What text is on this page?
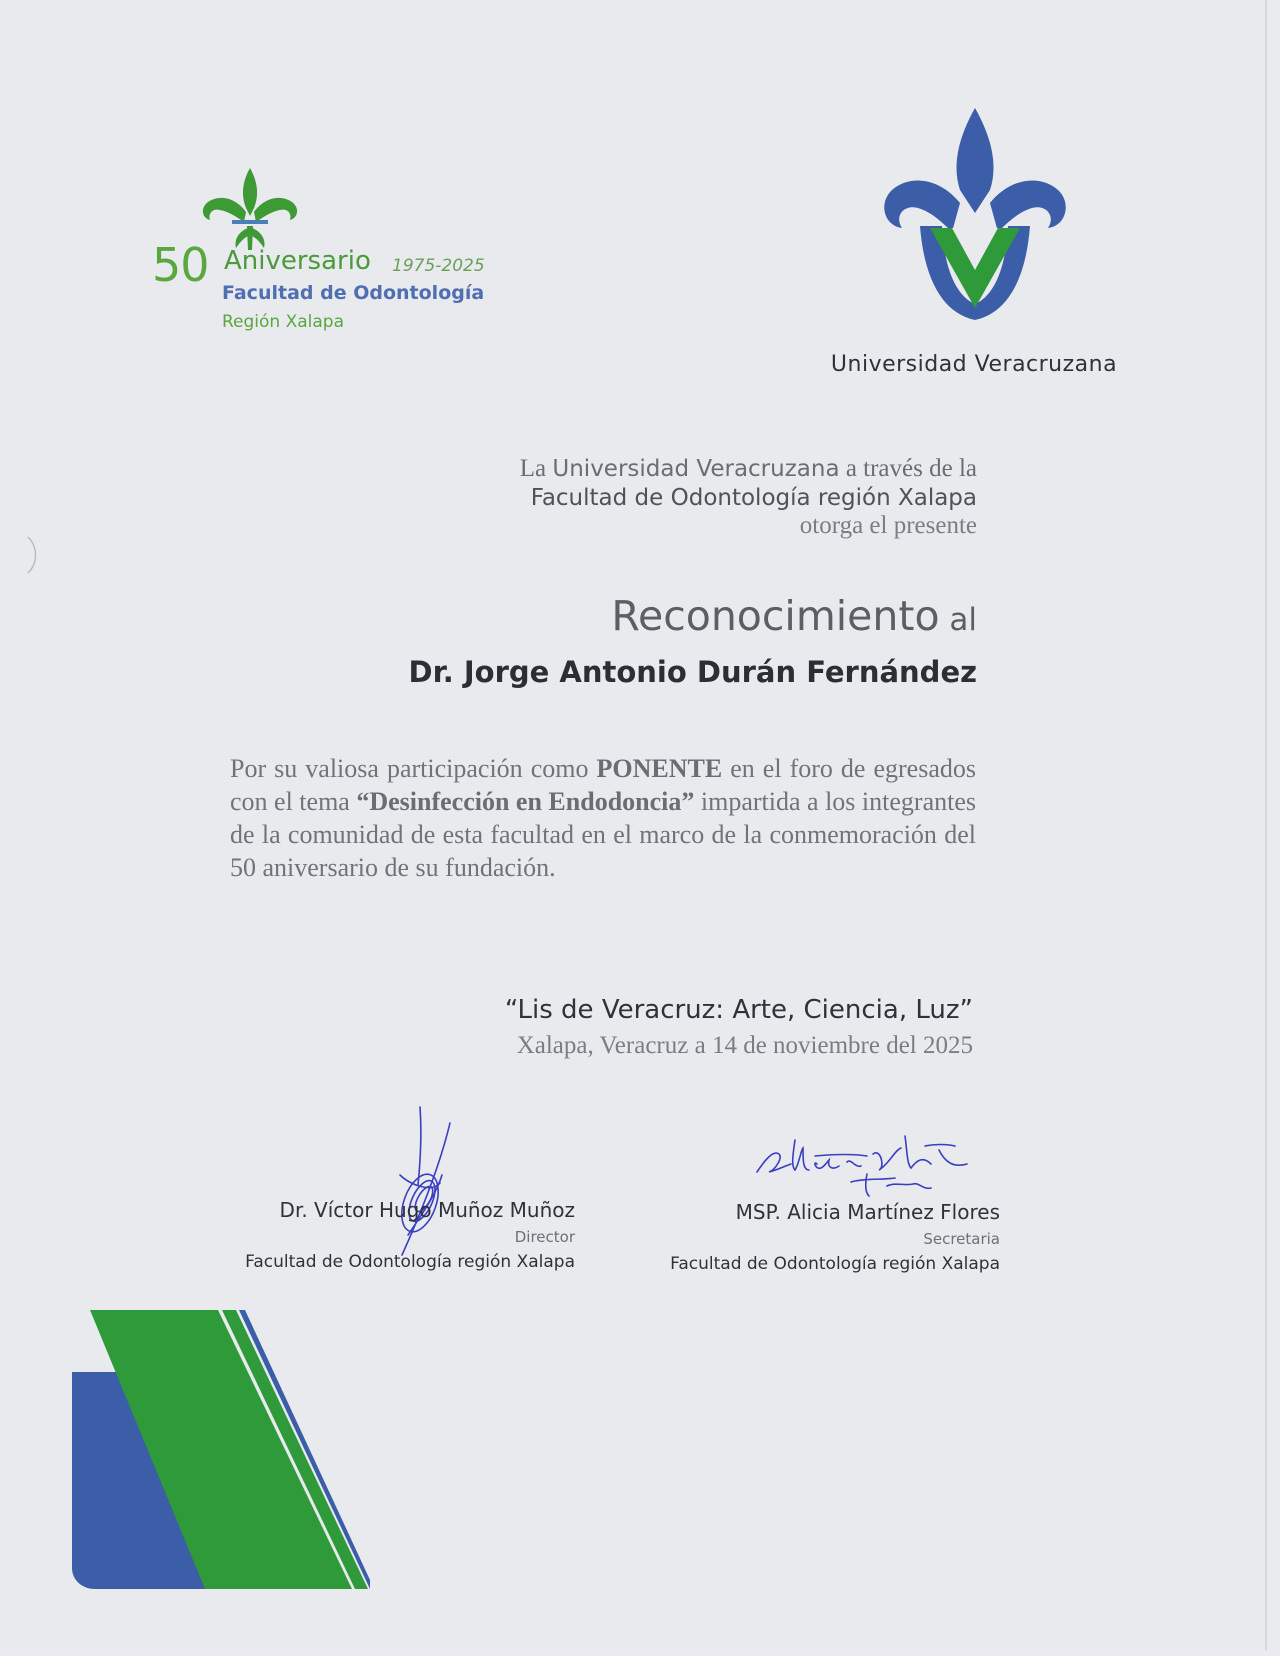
50 Aniversario 1975-2025
Facultad de Odontología
Región Xalapa
Universidad Veracruzana
La Universidad Veracruzana a través de la
Facultad de Odontología región Xalapa
otorga el presente
Reconocimiento al
Dr. Jorge Antonio Durán Fernández
Por su valiosa participación como PONENTE en el foro de egresados con el tema “Desinfección en Endodoncia” impartida a los integrantes de la comunidad de esta facultad en el marco de la conmemoración del 50 aniversario de su fundación.
“Lis de Veracruz: Arte, Ciencia, Luz”
Xalapa, Veracruz a 14 de noviembre del 2025
Dr. Víctor Hugo Muñoz Muñoz
Director
Facultad de Odontología región Xalapa
MSP. Alicia Martínez Flores
Secretaria
Facultad de Odontología región Xalapa
